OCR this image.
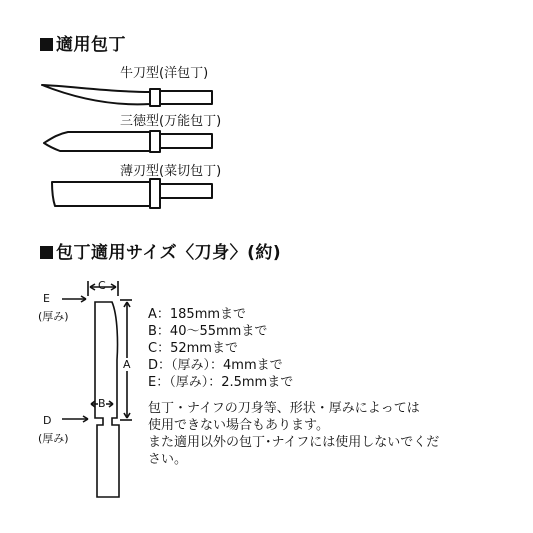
適用包丁
牛刀型(洋包丁)
三徳型(万能包丁)
薄刃型(菜切包丁)
包丁適用サイズ〈刀身〉(約)
C
A
B
E
(厚み)
D
(厚み)
A：185mmまで
B：40〜55mmまで
C：52mmまで
D：（厚み）：4mmまで
E：（厚み）：2.5mmまで
包丁・ナイフの刀身等、形状・厚みによっては
使用できない場合もあります。
また適用以外の包丁･ナイフには使用しないでくだ
さい。
